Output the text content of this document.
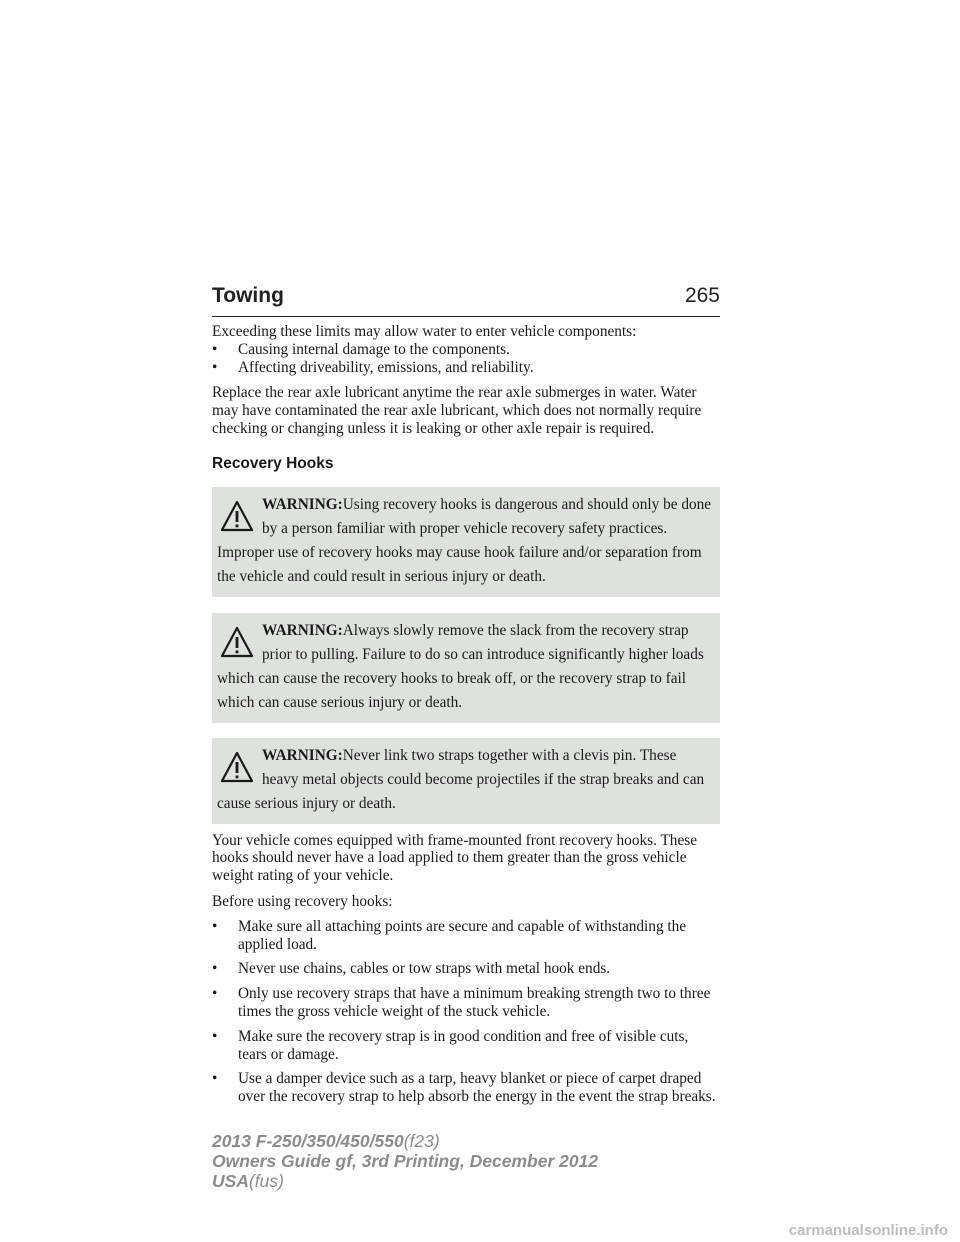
Towing	265

Exceeding these limits may allow water to enter vehicle components:

• Causing internal damage to the components.

• Affecting driveability, emissions, and reliability.

Replace the rear axle lubricant anytime the rear axle submerges in water. Water may have contaminated the rear axle lubricant, which does not normally require checking or changing unless it is leaking or other axle repair is required.

Recovery Hooks

WARNING:Using recovery hooks is dangerous and should only be done by a person familiar with proper vehicle recovery safety practices. Improper use of recovery hooks may cause hook failure and/or separation from the vehicle and could result in serious injury or death.
WARNING:Always slowly remove the slack from the recovery strap prior to pulling. Failure to do so can introduce significantly higher loads which can cause the recovery hooks to break off, or the recovery strap to fail which can cause serious injury or death.
WARNING:Never link two straps together with a clevis pin. These heavy metal objects could become projectiles if the strap breaks and can cause serious injury or death.

Your vehicle comes equipped with frame-mounted front recovery hooks. These hooks should never have a load applied to them greater than the gross vehicle weight rating of your vehicle.

Before using recovery hooks:

• Make sure all attaching points are secure and capable of withstanding the applied load.

• Never use chains, cables or tow straps with metal hook ends.

• Only use recovery straps that have a minimum breaking strength two to three times the gross vehicle weight of the stuck vehicle.

• Make sure the recovery strap is in good condition and free of visible cuts, tears or damage.

• Use a damper device such as a tarp, heavy blanket or piece of carpet draped over the recovery strap to help absorb the energy in the event the strap breaks.

2013 F-250/350/450/550(f23)
Owners Guide gf, 3rd Printing, December 2012
USA(fus)
carmanualsonline.info
